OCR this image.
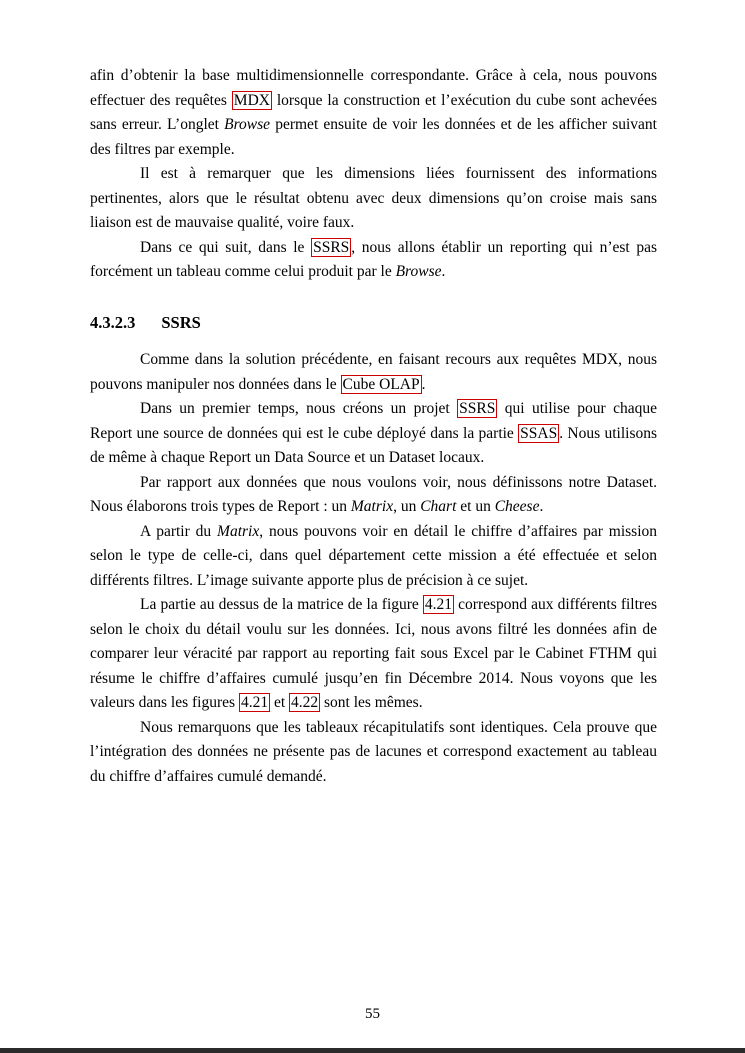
afin d’obtenir la base multidimensionnelle correspondante. Grâce à cela, nous pouvons effectuer des requêtes MDX lorsque la construction et l’exécution du cube sont achevées sans erreur. L’onglet Browse permet ensuite de voir les données et de les afficher suivant des filtres par exemple.

Il est à remarquer que les dimensions liées fournissent des informations pertinentes, alors que le résultat obtenu avec deux dimensions qu’on croise mais sans liaison est de mauvaise qualité, voire faux.

Dans ce qui suit, dans le SSRS , nous allons établir un reporting qui n’est pas forcément un tableau comme celui produit par le Browse.

4.3.2.3 SSRS

Comme dans la solution précédente, en faisant recours aux requêtes MDX, nous pouvons manipuler nos données dans le Cube OLAP .

Dans un premier temps, nous créons un projet SSRS qui utilise pour chaque Report une source de données qui est le cube déployé dans la partie SSAS . Nous utilisons de même à chaque Report un Data Source et un Dataset locaux.

Par rapport aux données que nous voulons voir, nous définissons notre Dataset. Nous élaborons trois types de Report : un Matrix, un Chart et un Cheese.

A partir du Matrix, nous pouvons voir en détail le chiffre d’affaires par mission selon le type de celle-ci, dans quel département cette mission a été effectuée et selon différents filtres. L’image suivante apporte plus de précision à ce sujet.

La partie au dessus de la matrice de la figure 4.21 correspond aux différents filtres selon le choix du détail voulu sur les données. Ici, nous avons filtré les données afin de comparer leur véracité par rapport au reporting fait sous Excel par le Cabinet FTHM qui résume le chiffre d’affaires cumulé jusqu’en fin Décembre 2014. Nous voyons que les valeurs dans les figures 4.21 et 4.22 sont les mêmes.

Nous remarquons que les tableaux récapitulatifs sont identiques. Cela prouve que l’intégration des données ne présente pas de lacunes et correspond exactement au tableau du chiffre d’affaires cumulé demandé.

55
